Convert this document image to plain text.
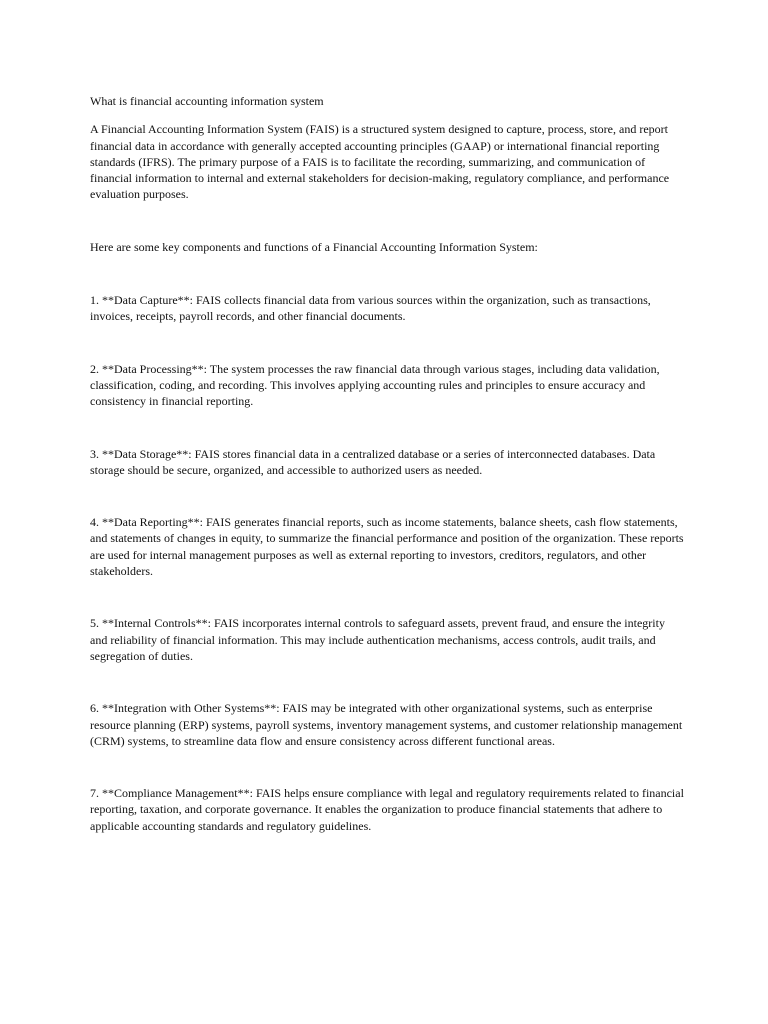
What is financial accounting information system

A Financial Accounting Information System (FAIS) is a structured system designed to capture, process, store, and report financial data in accordance with generally accepted accounting principles (GAAP) or international financial reporting standards (IFRS). The primary purpose of a FAIS is to facilitate the recording, summarizing, and communication of financial information to internal and external stakeholders for decision-making, regulatory compliance, and performance evaluation purposes.

Here are some key components and functions of a Financial Accounting Information System:

1. **Data Capture**: FAIS collects financial data from various sources within the organization, such as transactions, invoices, receipts, payroll records, and other financial documents.

2. **Data Processing**: The system processes the raw financial data through various stages, including data validation, classification, coding, and recording. This involves applying accounting rules and principles to ensure accuracy and consistency in financial reporting.

3. **Data Storage**: FAIS stores financial data in a centralized database or a series of interconnected databases. Data storage should be secure, organized, and accessible to authorized users as needed.

4. **Data Reporting**: FAIS generates financial reports, such as income statements, balance sheets, cash flow statements, and statements of changes in equity, to summarize the financial performance and position of the organization. These reports are used for internal management purposes as well as external reporting to investors, creditors, regulators, and other stakeholders.

5. **Internal Controls**: FAIS incorporates internal controls to safeguard assets, prevent fraud, and ensure the integrity and reliability of financial information. This may include authentication mechanisms, access controls, audit trails, and segregation of duties.

6. **Integration with Other Systems**: FAIS may be integrated with other organizational systems, such as enterprise resource planning (ERP) systems, payroll systems, inventory management systems, and customer relationship management (CRM) systems, to streamline data flow and ensure consistency across different functional areas.

7. **Compliance Management**: FAIS helps ensure compliance with legal and regulatory requirements related to financial reporting, taxation, and corporate governance. It enables the organization to produce financial statements that adhere to applicable accounting standards and regulatory guidelines.
